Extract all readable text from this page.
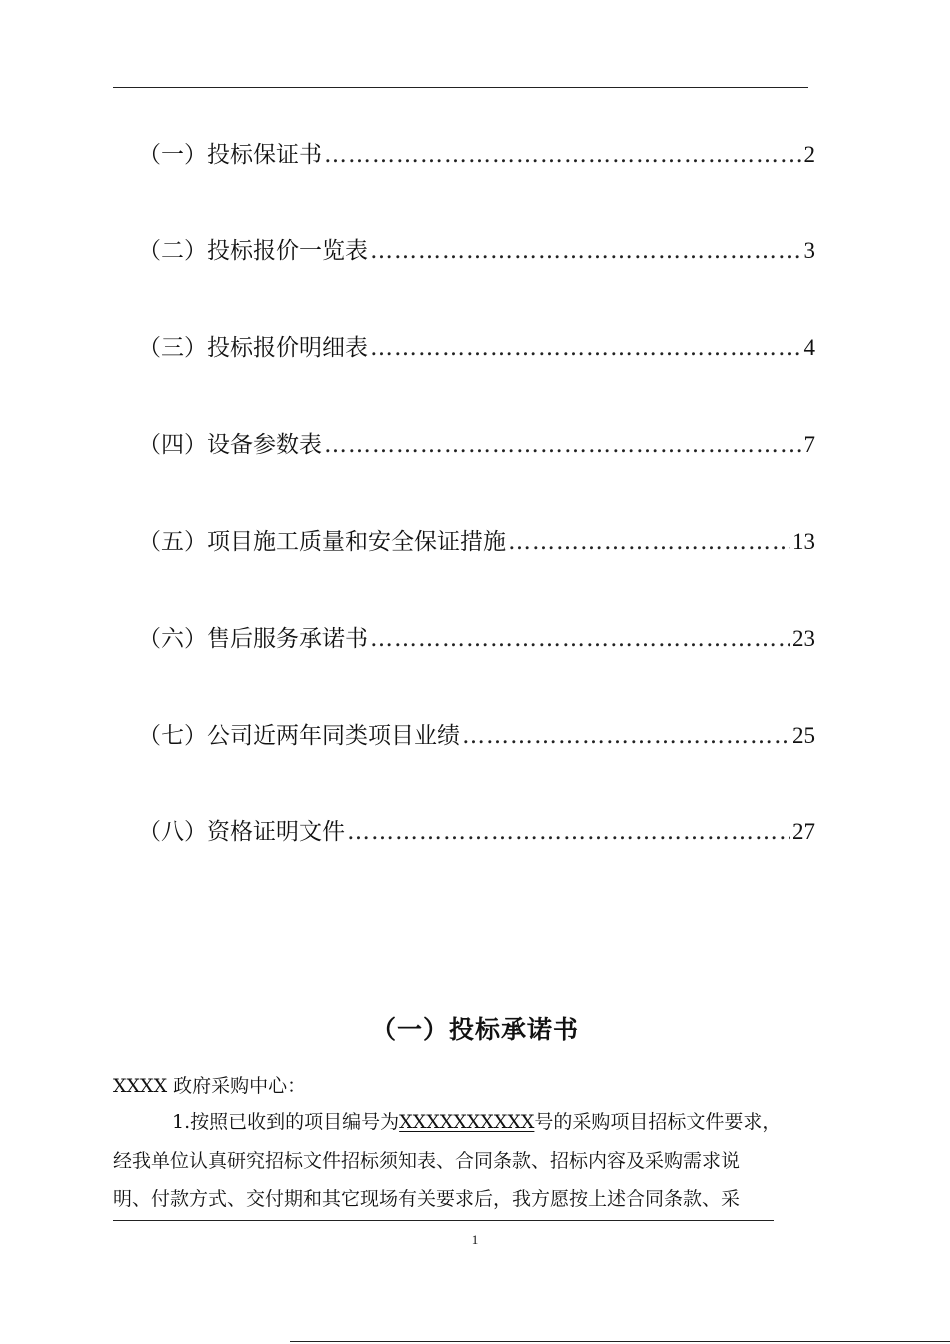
（一）投标保证书 ………………………………………………………………………………………………………………………………	2
（二）投标报价一览表 ………………………………………………………………………………………………………………………………	3
（三）投标报价明细表 ………………………………………………………………………………………………………………………………	4
（四）设备参数表 ………………………………………………………………………………………………………………………………	7
（五）项目施工质量和安全保证措施 ………………………………………………………………………………………………………………………………	13
（六）售后服务承诺书 ………………………………………………………………………………………………………………………………	23
（七）公司近两年同类项目业绩 ………………………………………………………………………………………………………………………………	25
（八）资格证明文件 ………………………………………………………………………………………………………………………………	27
（一）投标承诺书
XXXX 政府采购中心：
1.按照已收到的项目编号为XXXXXXXXXX号的采购项目招标文件要求，
经我单位认真研究招标文件招标须知表、合同条款、招标内容及采购需求说
明、付款方式、交付期和其它现场有关要求后，我方愿按上述合同条款、采
1
